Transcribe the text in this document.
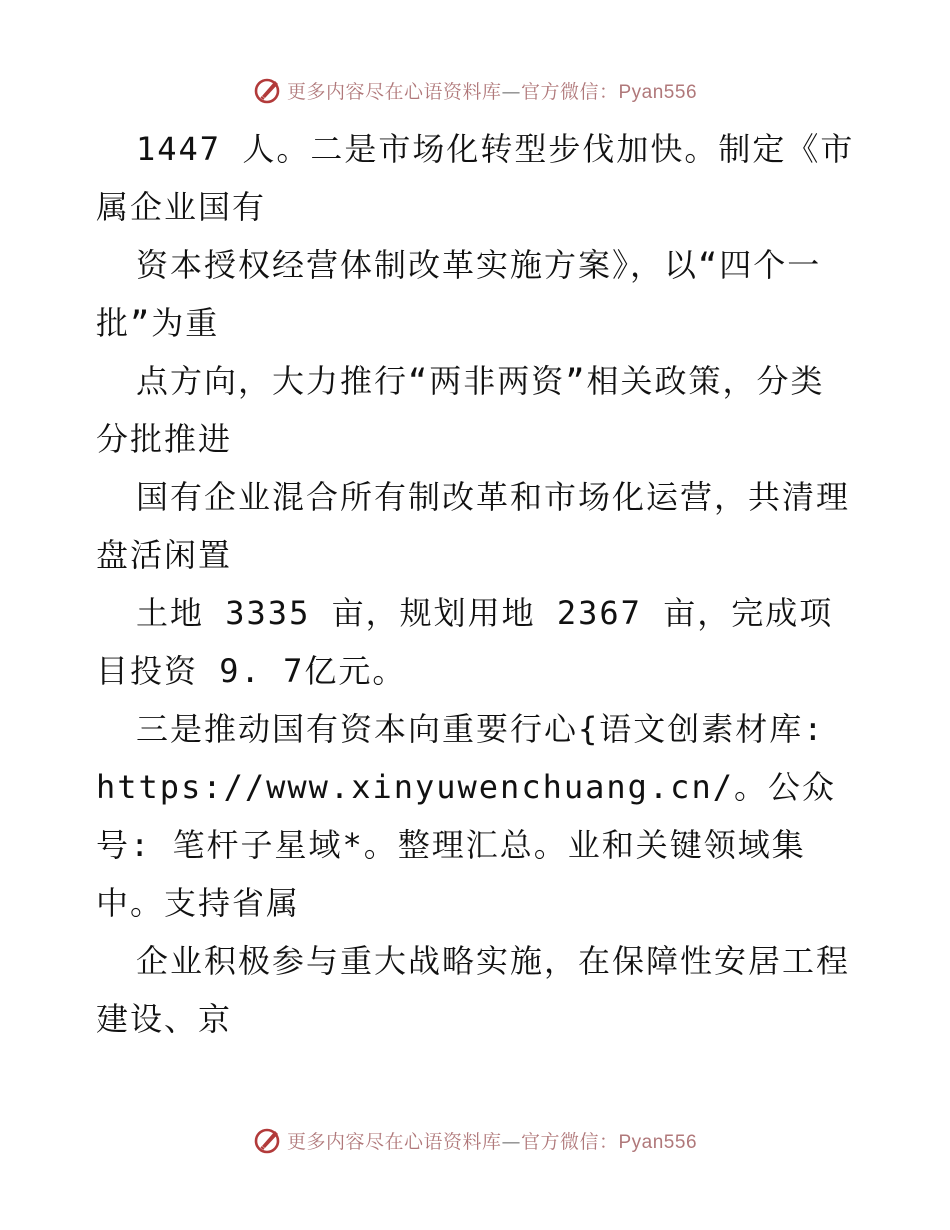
更多内容尽在心语资料库—官方微信：Pyan556

1447 人。二是市场化转型步伐加快。制定《市属企业国有

资本授权经营体制改革实施方案》，以“四个一批”为重

点方向，大力推行“两非两资”相关政策，分类分批推进

国有企业混合所有制改革和市场化运营，共清理盘活闲置

土地 3335 亩，规划用地 2367 亩，完成项目投资 9. 7亿元。

三是推动国有资本向重要行心{语文创素材库: https://www.xinyuwenchuang.cn/。公众号: 笔杆子星域*。整理汇总。业和关键领域集中。支持省属

企业积极参与重大战略实施，在保障性安居工程建设、京

更多内容尽在心语资料库—官方微信：Pyan556
